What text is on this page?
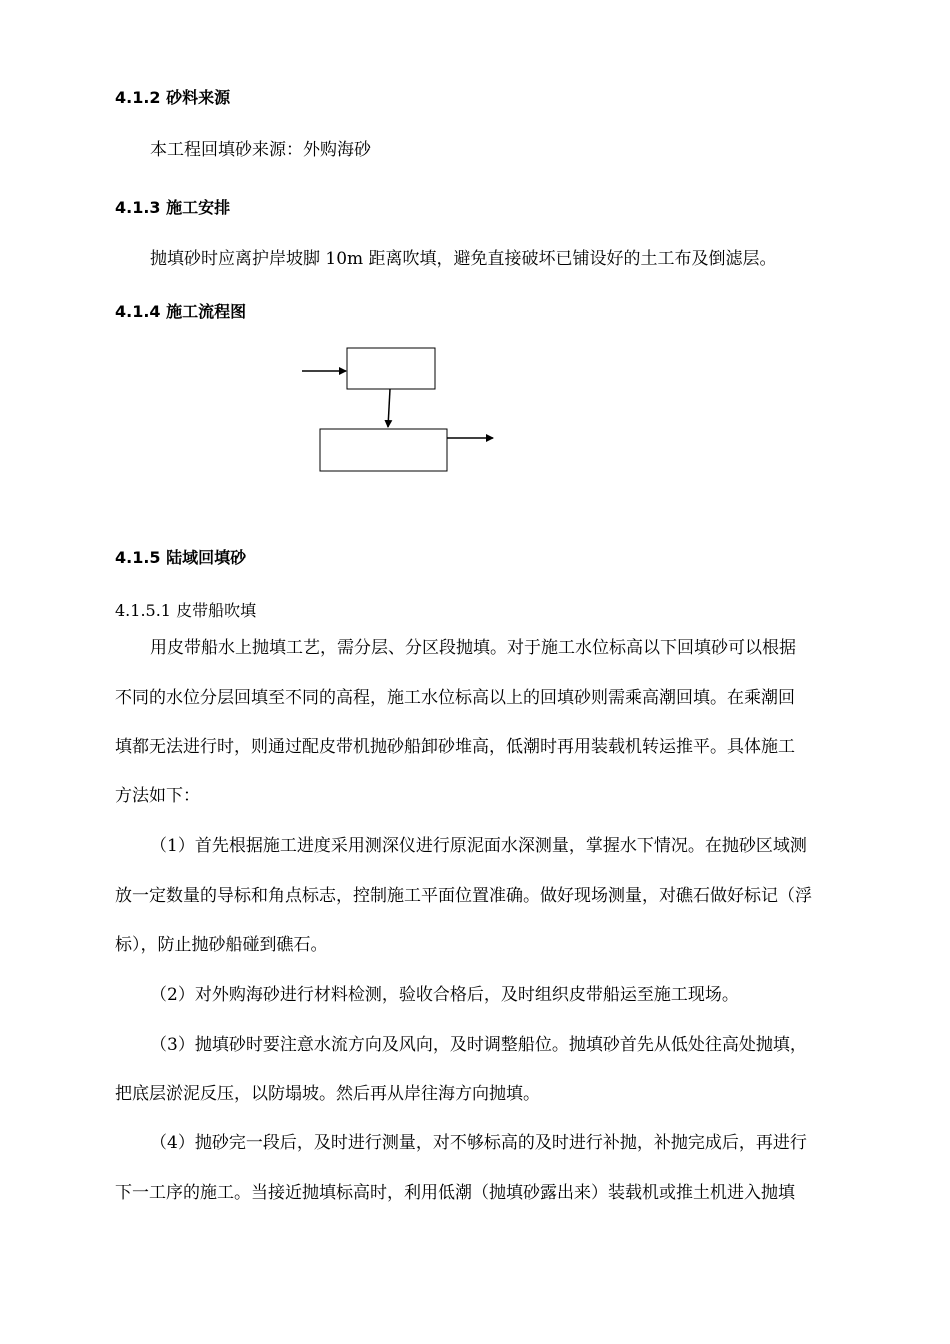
4.1.2 砂料来源
本工程回填砂来源：外购海砂
4.1.3 施工安排
抛填砂时应离护岸坡脚 10m 距离吹填，避免直接破坏已铺设好的土工布及倒滤层。
4.1.4 施工流程图
4.1.5 陆域回填砂
4.1.5.1 皮带船吹填
用皮带船水上抛填工艺，需分层、分区段抛填。对于施工水位标高以下回填砂可以根据
不同的水位分层回填至不同的高程，施工水位标高以上的回填砂则需乘高潮回填。在乘潮回
填都无法进行时，则通过配皮带机抛砂船卸砂堆高，低潮时再用装载机转运推平。具体施工
方法如下：
（1）首先根据施工进度采用测深仪进行原泥面水深测量，掌握水下情况。在抛砂区域测
放一定数量的导标和角点标志，控制施工平面位置准确。做好现场测量，对礁石做好标记（浮
标），防止抛砂船碰到礁石。
（2）对外购海砂进行材料检测，验收合格后，及时组织皮带船运至施工现场。
（3）抛填砂时要注意水流方向及风向，及时调整船位。抛填砂首先从低处往高处抛填，
把底层淤泥反压，以防塌坡。然后再从岸往海方向抛填。
（4）抛砂完一段后，及时进行测量，对不够标高的及时进行补抛，补抛完成后，再进行
下一工序的施工。当接近抛填标高时，利用低潮（抛填砂露出来）装载机或推土机进入抛填
